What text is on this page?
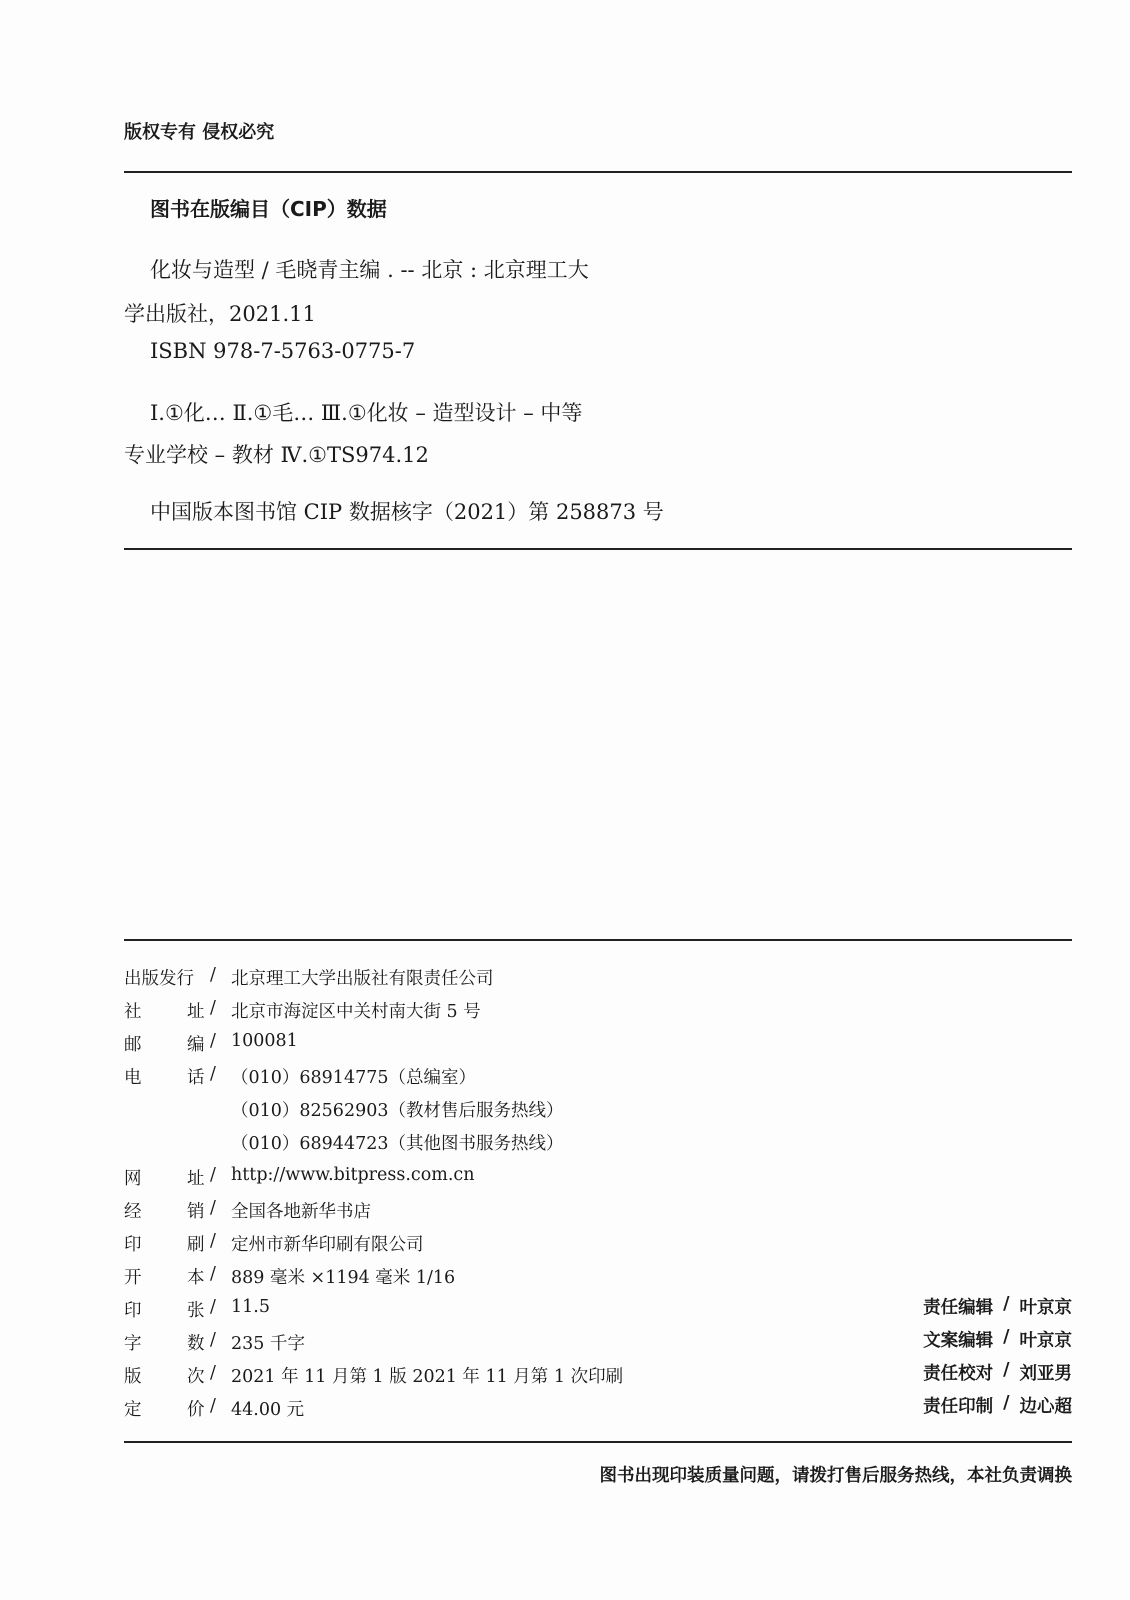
版权专有 侵权必究
图书在版编目（CIP）数据
化妆与造型 / 毛晓青主编 . -- 北京 : 北京理工大
学出版社，2021.11
ISBN 978-7-5763-0775-7
Ⅰ.①化… Ⅱ.①毛… Ⅲ.①化妆 – 造型设计 – 中等
专业学校 – 教材 Ⅳ.①TS974.12
中国版本图书馆 CIP 数据核字（2021）第 258873 号
出版发行 / 北京理工大学出版社有限责任公司
社	址 / 北京市海淀区中关村南大街 5 号
邮	编 / 100081
电	话 / （010）68914775（总编室）
（010）82562903（教材售后服务热线）
（010）68944723（其他图书服务热线）
网	址 / http://www.bitpress.com.cn
经	销 / 全国各地新华书店
印	刷 / 定州市新华印刷有限公司
开	本 / 889 毫米 ×1194 毫米 1/16
印	张 / 11.5
字	数 / 235 千字
版	次 / 2021 年 11 月第 1 版 2021 年 11 月第 1 次印刷
定	价 / 44.00 元
责任编辑 / 叶京京
文案编辑 / 叶京京
责任校对 / 刘亚男
责任印制 / 边心超
图书出现印装质量问题，请拨打售后服务热线，本社负责调换
